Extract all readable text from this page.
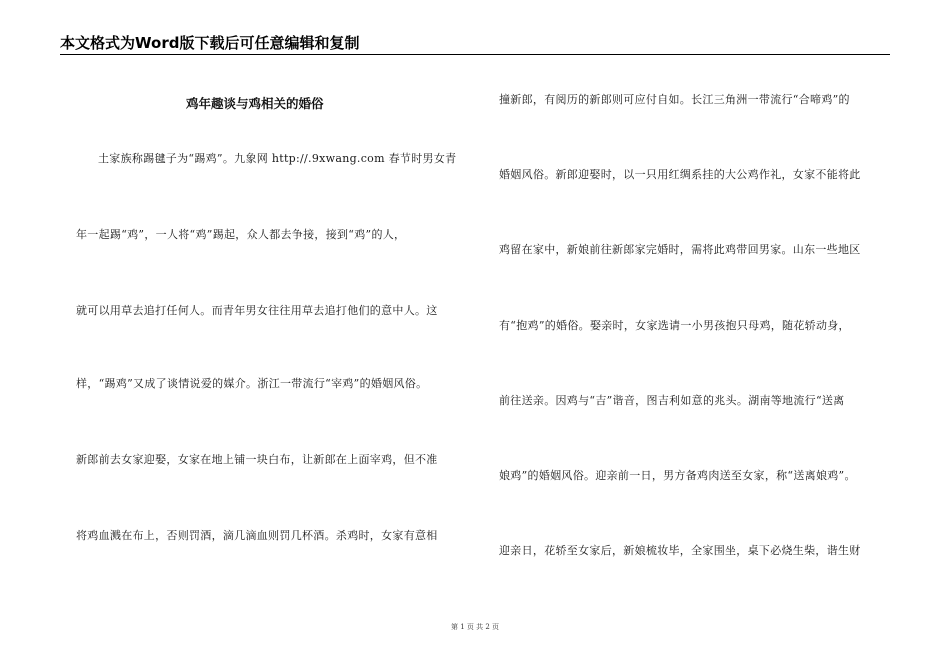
本文格式为Word版下载后可任意编辑和复制
鸡年趣谈与鸡相关的婚俗
土家族称踢毽子为“踢鸡”。九象网 http://.9xwang.com 春节时男女青
年一起踢“鸡”，一人将“鸡”踢起，众人都去争接，接到“鸡”的人，
就可以用草去追打任何人。而青年男女往往用草去追打他们的意中人。这
样，“踢鸡”又成了谈情说爱的媒介。浙江一带流行“宰鸡”的婚姻风俗。
新郎前去女家迎娶，女家在地上铺一块白布，让新郎在上面宰鸡，但不准
将鸡血溅在布上，否则罚酒，滴几滴血则罚几杯酒。杀鸡时，女家有意相
撞新郎，有阅历的新郎则可应付自如。长江三角洲一带流行“合啼鸡”的
婚姻风俗。新郎迎娶时，以一只用红绸系挂的大公鸡作礼，女家不能将此
鸡留在家中，新娘前往新郎家完婚时，需将此鸡带回男家。山东一些地区
有“抱鸡”的婚俗。娶亲时，女家选请一小男孩抱只母鸡，随花轿动身，
前往送亲。因鸡与“吉”谐音，图吉利如意的兆头。湖南等地流行“送离
娘鸡”的婚姻风俗。迎亲前一日，男方备鸡肉送至女家，称“送离娘鸡”。
迎亲日，花轿至女家后，新娘梳妆毕，全家围坐，桌下必烧生柴，谐生财
第 1 页 共 2 页
